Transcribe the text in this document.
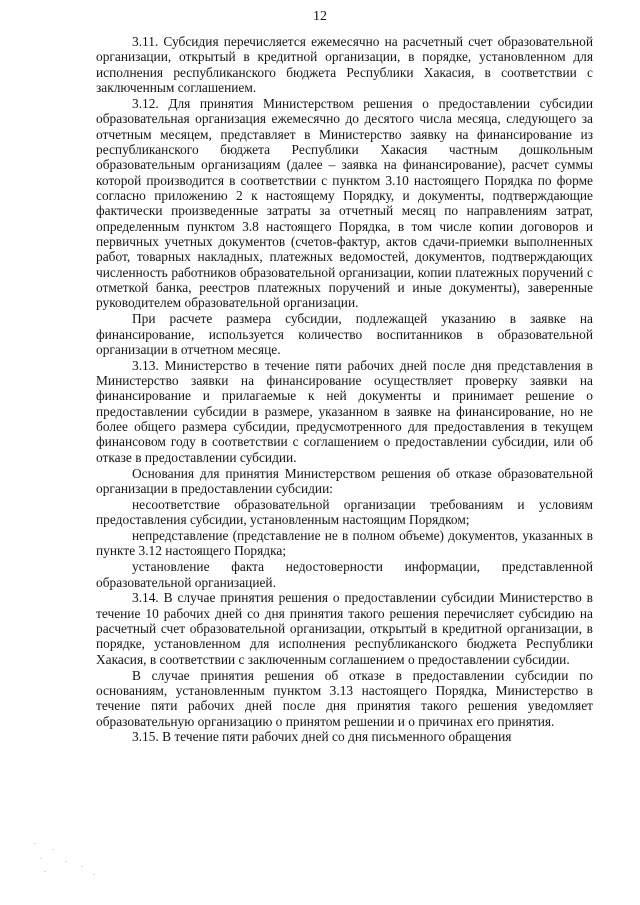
12

3.11. Субсидия перечисляется ежемесячно на расчетный счет образовательной организации, открытый в кредитной организации, в порядке, установленном для исполнения республиканского бюджета Республики Хакасия, в соответствии с заключенным соглашением.

3.12. Для принятия Министерством решения о предоставлении субсидии образовательная организация ежемесячно до десятого числа месяца, следующего за отчетным месяцем, представляет в Министерство заявку на финансирование из республиканского бюджета Республики Хакасия частным дошкольным образовательным организациям (далее – заявка на финансирование), расчет суммы которой производится в соответствии с пунктом 3.10 настоящего Порядка по форме согласно приложению 2 к настоящему Порядку, и документы, подтверждающие фактически произведенные затраты за отчетный месяц по направлениям затрат, определенным пунктом 3.8 настоящего Порядка, в том числе копии договоров и первичных учетных документов (счетов-фактур, актов сдачи-приемки выполненных работ, товарных накладных, платежных ведомостей, документов, подтверждающих численность работников образовательной организации, копии платежных поручений с отметкой банка, реестров платежных поручений и иные документы), заверенные руководителем образовательной организации.

При расчете размера субсидии, подлежащей указанию в заявке на финансирование, используется количество воспитанников в образовательной организации в отчетном месяце.

3.13. Министерство в течение пяти рабочих дней после дня представления в Министерство заявки на финансирование осуществляет проверку заявки на финансирование и прилагаемые к ней документы и принимает решение о предоставлении субсидии в размере, указанном в заявке на финансирование, но не более общего размера субсидии, предусмотренного для предоставления в текущем финансовом году в соответствии с соглашением о предоставлении субсидии, или об отказе в предоставлении субсидии.

Основания для принятия Министерством решения об отказе образовательной организации в предоставлении субсидии:

несоответствие образовательной организации требованиям и условиям предоставления субсидии, установленным настоящим Порядком;

непредставление (представление не в полном объеме) документов, указанных в пункте 3.12 настоящего Порядка;

установление факта недостоверности информации, представленной образовательной организацией.

3.14. В случае принятия решения о предоставлении субсидии Министерство в течение 10 рабочих дней со дня принятия такого решения перечисляет субсидию на расчетный счет образовательной организации, открытый в кредитной организации, в порядке, установленном для исполнения республиканского бюджета Республики Хакасия, в соответствии с заключенным соглашением о предоставлении субсидии.

В случае принятия решения об отказе в предоставлении субсидии по основаниям, установленным пунктом 3.13 настоящего Порядка, Министерство в течение пяти рабочих дней после дня принятия такого решения уведомляет образовательную организацию о принятом решении и о причинах его принятия.

3.15. В течение пяти рабочих дней со дня письменного обращения
